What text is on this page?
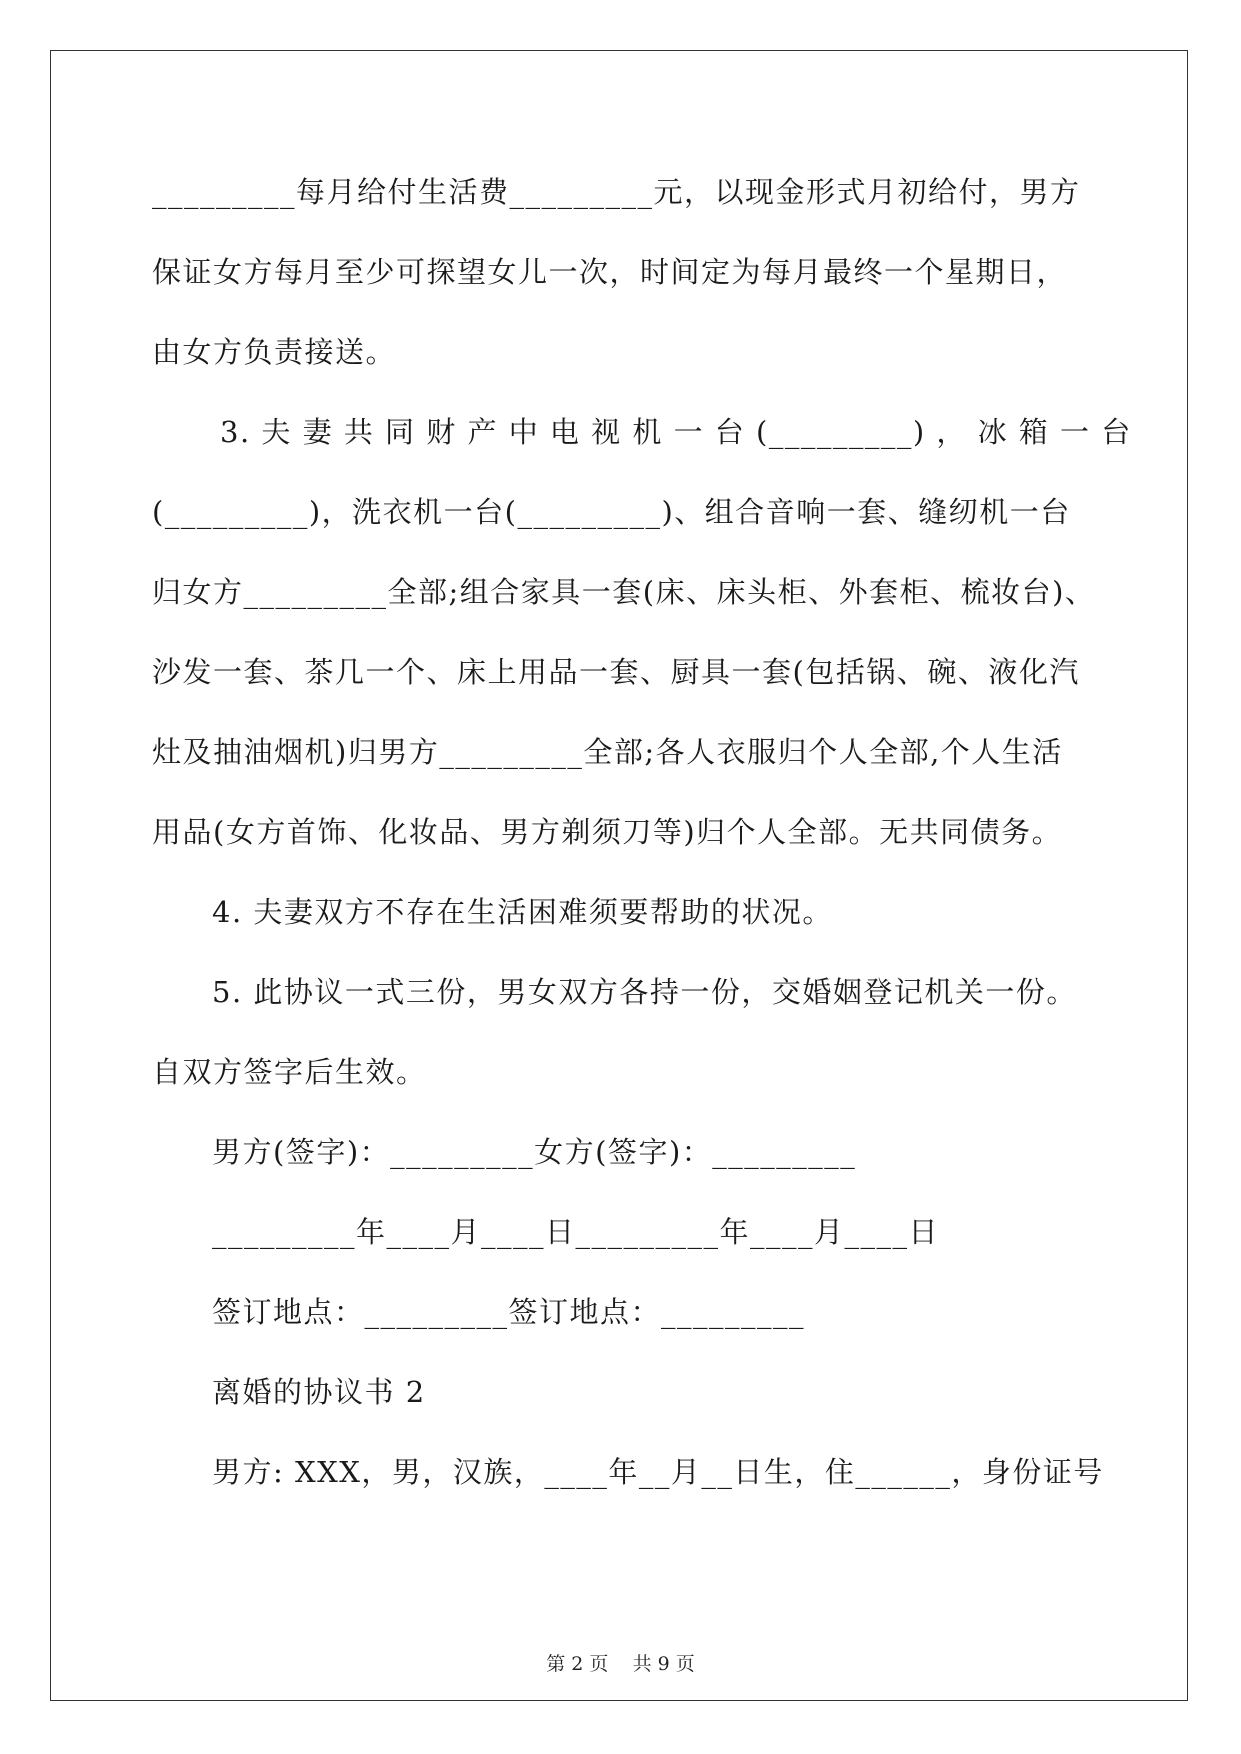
_________每月给付生活费_________元，以现金形式月初给付，男方
保证女方每月至少可探望女儿一次，时间定为每月最终一个星期日，
由女方负责接送。
3. 夫 妻 共 同 财 产 中 电 视 机 一 台 (_________) ， 冰 箱 一 台
(_________)，洗衣机一台(_________)、组合音响一套、缝纫机一台
归女方_________全部;组合家具一套(床、床头柜、外套柜、梳妆台)、
沙发一套、茶几一个、床上用品一套、厨具一套(包括锅、碗、液化汽
灶及抽油烟机)归男方_________全部;各人衣服归个人全部,个人生活
用品(女方首饰、化妆品、男方剃须刀等)归个人全部。无共同债务。
4. 夫妻双方不存在生活困难须要帮助的状况。
5. 此协议一式三份，男女双方各持一份，交婚姻登记机关一份。
自双方签字后生效。
男方(签字)：_________女方(签字)：_________
_________年____月____日_________年____月____日
签订地点：_________签订地点：_________
离婚的协议书 2
男方: XXX，男，汉族，____年__月__日生，住______，身份证号
第 2 页    共 9 页
